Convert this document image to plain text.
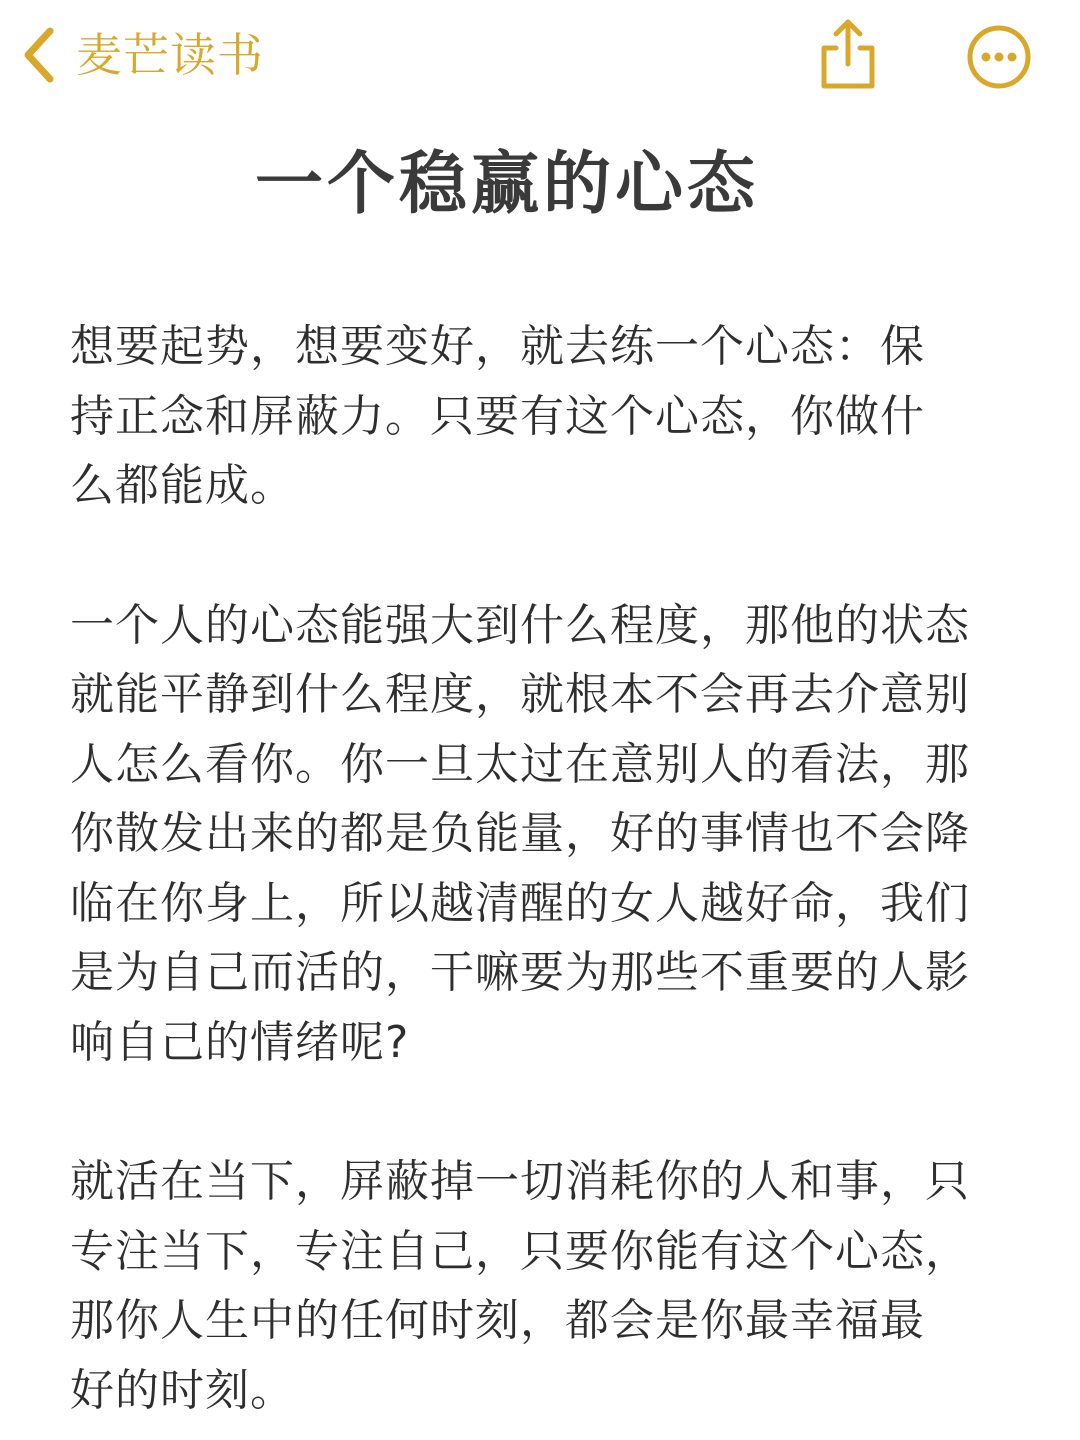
麦芒读书
一个稳赢的心态

想要起势，想要变好，就去练一个心态：保
持正念和屏蔽力。只要有这个心态，你做什
么都能成。

一个人的心态能强大到什么程度，那他的状态
就能平静到什么程度，就根本不会再去介意别
人怎么看你。你一旦太过在意别人的看法，那
你散发出来的都是负能量，好的事情也不会降
临在你身上，所以越清醒的女人越好命，我们
是为自己而活的，干嘛要为那些不重要的人影
响自己的情绪呢?

就活在当下，屏蔽掉一切消耗你的人和事，只
专注当下，专注自己，只要你能有这个心态，
那你人生中的任何时刻，都会是你最幸福最
好的时刻。
